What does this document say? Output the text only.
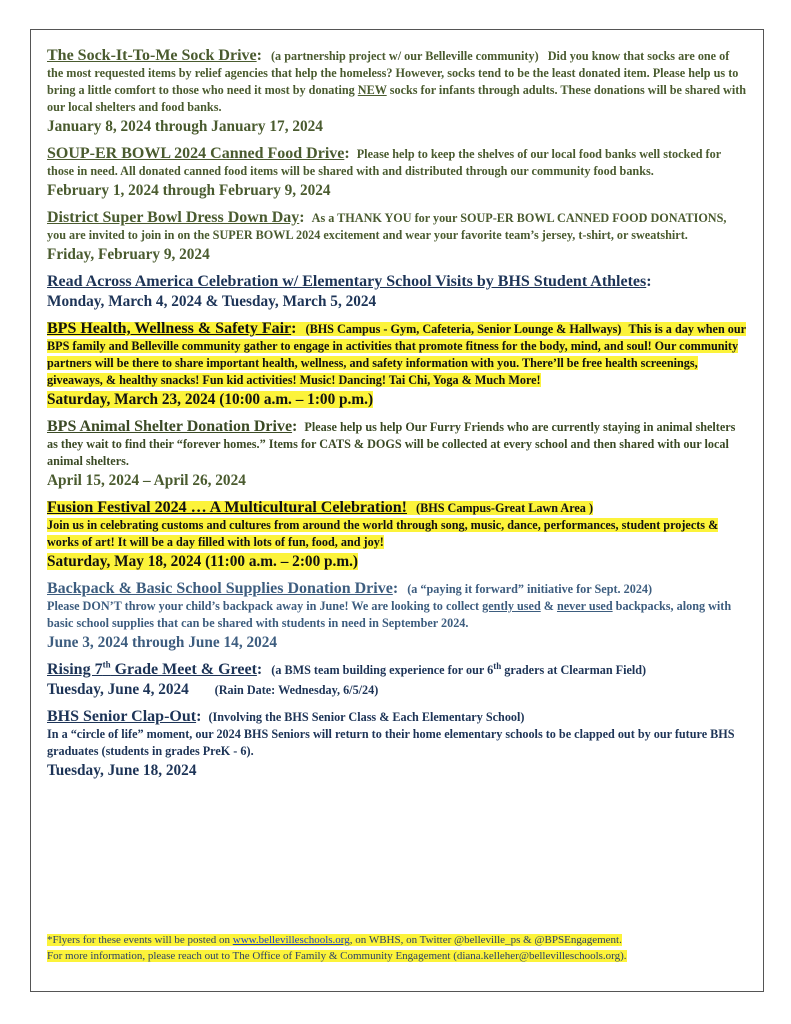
The Sock-It-To-Me Sock Drive: (a partnership project w/ our Belleville community) Did you know that socks are one of the most requested items by relief agencies that help the homeless? However, socks tend to be the least donated item. Please help us to bring a little comfort to those who need it most by donating NEW socks for infants through adults. These donations will be shared with our local shelters and food banks.
January 8, 2024 through January 17, 2024
SOUP-ER BOWL 2024 Canned Food Drive: Please help to keep the shelves of our local food banks well stocked for those in need. All donated canned food items will be shared with and distributed through our community food banks.
February 1, 2024 through February 9, 2024
District Super Bowl Dress Down Day: As a THANK YOU for your SOUP-ER BOWL CANNED FOOD DONATIONS, you are invited to join in on the SUPER BOWL 2024 excitement and wear your favorite team’s jersey, t-shirt, or sweatshirt.
Friday, February 9, 2024
Read Across America Celebration w/ Elementary School Visits by BHS Student Athletes:
Monday, March 4, 2024 & Tuesday, March 5, 2024
BPS Health, Wellness & Safety Fair: (BHS Campus - Gym, Cafeteria, Senior Lounge & Hallways) This is a day when our BPS family and Belleville community gather to engage in activities that promote fitness for the body, mind, and soul! Our community partners will be there to share important health, wellness, and safety information with you. There’ll be free health screenings, giveaways, & healthy snacks! Fun kid activities! Music! Dancing! Tai Chi, Yoga & Much More!
Saturday, March 23, 2024 (10:00 a.m. – 1:00 p.m.)
BPS Animal Shelter Donation Drive: Please help us help Our Furry Friends who are currently staying in animal shelters as they wait to find their “forever homes.” Items for CATS & DOGS will be collected at every school and then shared with our local animal shelters.
April 15, 2024 – April 26, 2024
Fusion Festival 2024 … A Multicultural Celebration! (BHS Campus-Great Lawn Area )
Join us in celebrating customs and cultures from around the world through song, music, dance, performances, student projects & works of art! It will be a day filled with lots of fun, food, and joy!
Saturday, May 18, 2024 (11:00 a.m. – 2:00 p.m.)
Backpack & Basic School Supplies Donation Drive: (a “paying it forward” initiative for Sept. 2024)
Please DON’T throw your child’s backpack away in June! We are looking to collect gently used & never used backpacks, along with basic school supplies that can be shared with students in need in September 2024.
June 3, 2024 through June 14, 2024
Rising 7th Grade Meet & Greet: (a BMS team building experience for our 6th graders at Clearman Field)
Tuesday, June 4, 2024 (Rain Date: Wednesday, 6/5/24)
BHS Senior Clap-Out: (Involving the BHS Senior Class & Each Elementary School)
In a “circle of life” moment, our 2024 BHS Seniors will return to their home elementary schools to be clapped out by our future BHS graduates (students in grades PreK - 6).
Tuesday, June 18, 2024
*Flyers for these events will be posted on www.bellevilleschools.org, on WBHS, on Twitter @belleville_ps & @BPSEngagement.
For more information, please reach out to The Office of Family & Community Engagement (diana.kelleher@bellevilleschools.org).
